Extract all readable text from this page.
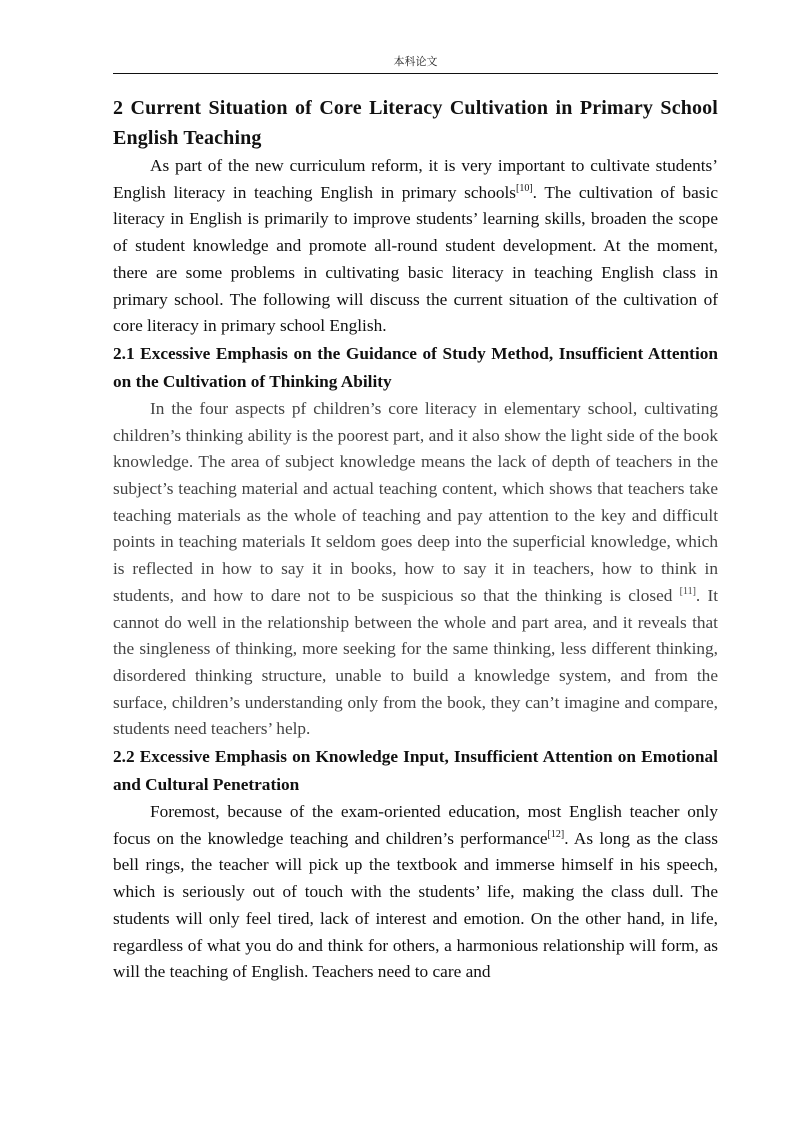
本科论文
2 Current Situation of Core Literacy Cultivation in Primary School English Teaching

As part of the new curriculum reform, it is very important to cultivate students’ English literacy in teaching English in primary schools[10]. The cultivation of basic literacy in English is primarily to improve students’ learning skills, broaden the scope of student knowledge and promote all-round student development. At the moment, there are some problems in cultivating basic literacy in teaching English class in primary school. The following will discuss the current situation of the cultivation of core literacy in primary school English.

2.1 Excessive Emphasis on the Guidance of Study Method, Insufficient Attention on the Cultivation of Thinking Ability

In the four aspects pf children’s core literacy in elementary school, cultivating children’s thinking ability is the poorest part, and it also show the light side of the book knowledge. The area of subject knowledge means the lack of depth of teachers in the subject’s teaching material and actual teaching content, which shows that teachers take teaching materials as the whole of teaching and pay attention to the key and difficult points in teaching materials It seldom goes deep into the superficial knowledge, which is reflected in how to say it in books, how to say it in teachers, how to think in students, and how to dare not to be suspicious so that the thinking is closed [11]. It cannot do well in the relationship between the whole and part area, and it reveals that the singleness of thinking, more seeking for the same thinking, less different thinking, disordered thinking structure, unable to build a knowledge system, and from the surface, children’s understanding only from the book, they can’t imagine and compare, students need teachers’ help.

2.2 Excessive Emphasis on Knowledge Input, Insufficient Attention on Emotional and Cultural Penetration

Foremost, because of the exam-oriented education, most English teacher only focus on the knowledge teaching and children’s performance[12]. As long as the class bell rings, the teacher will pick up the textbook and immerse himself in his speech, which is seriously out of touch with the students’ life, making the class dull. The students will only feel tired, lack of interest and emotion. On the other hand, in life, regardless of what you do and think for others, a harmonious relationship will form, as will the teaching of English. Teachers need to care and
